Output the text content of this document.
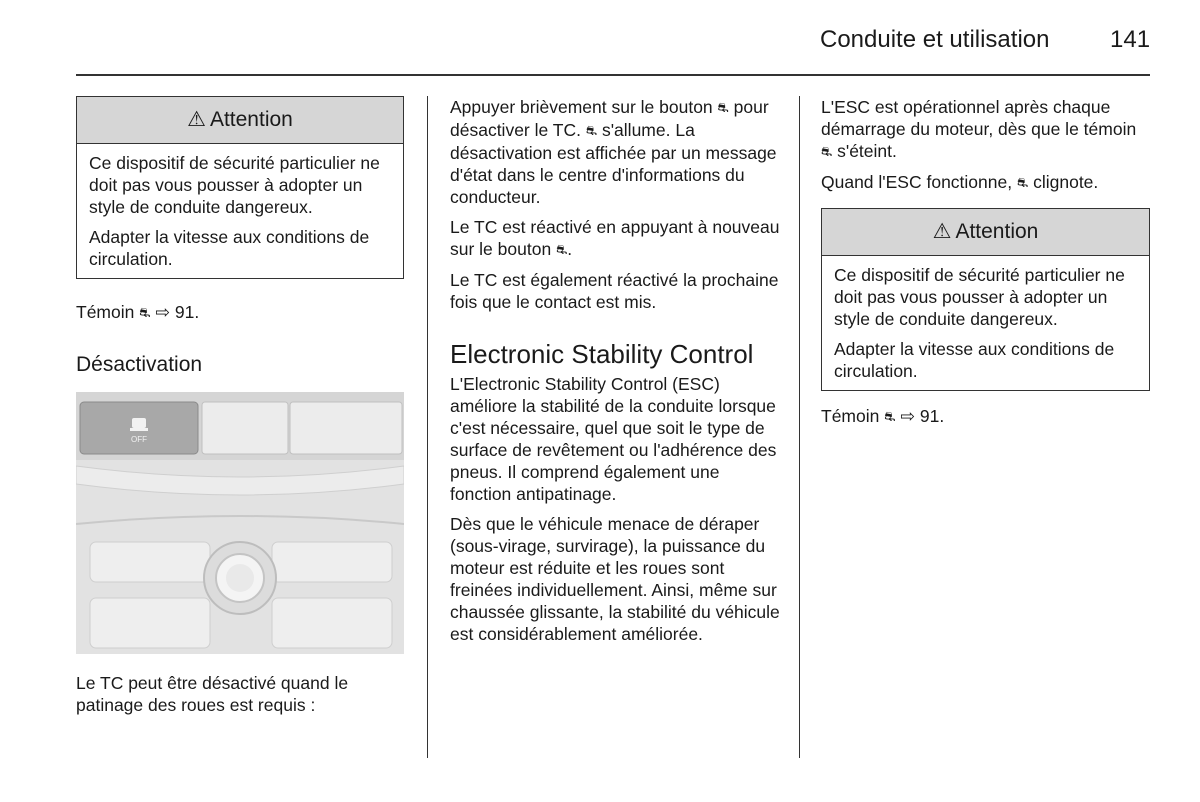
Conduite et utilisation	141
⚠ Attention

Ce dispositif de sécurité particulier ne doit pas vous pousser à adopter un style de conduite dangereux.

Adapter la vitesse aux conditions de circulation.

Témoin ⛐ ⇨ 91.

Désactivation
OFF

Le TC peut être désactivé quand le patinage des roues est requis :

Appuyer brièvement sur le bouton ⛐ pour désactiver le TC. ⛐ s'allume. La désactivation est affichée par un message d'état dans le centre d'informations du conducteur.

Le TC est réactivé en appuyant à nouveau sur le bouton ⛐.

Le TC est également réactivé la prochaine fois que le contact est mis.

Electronic Stability Control

L'Electronic Stability Control (ESC) améliore la stabilité de la conduite lorsque c'est nécessaire, quel que soit le type de surface de revêtement ou l'adhérence des pneus. Il comprend également une fonction antipatinage.

Dès que le véhicule menace de déraper (sous-virage, survirage), la puissance du moteur est réduite et les roues sont freinées individuellement. Ainsi, même sur chaussée glissante, la stabilité du véhicule est considérablement améliorée.

L'ESC est opérationnel après chaque démarrage du moteur, dès que le témoin ⛐ s'éteint.

Quand l'ESC fonctionne, ⛐ clignote.

⚠ Attention

Ce dispositif de sécurité particulier ne doit pas vous pousser à adopter un style de conduite dangereux.

Adapter la vitesse aux conditions de circulation.

Témoin ⛐ ⇨ 91.
